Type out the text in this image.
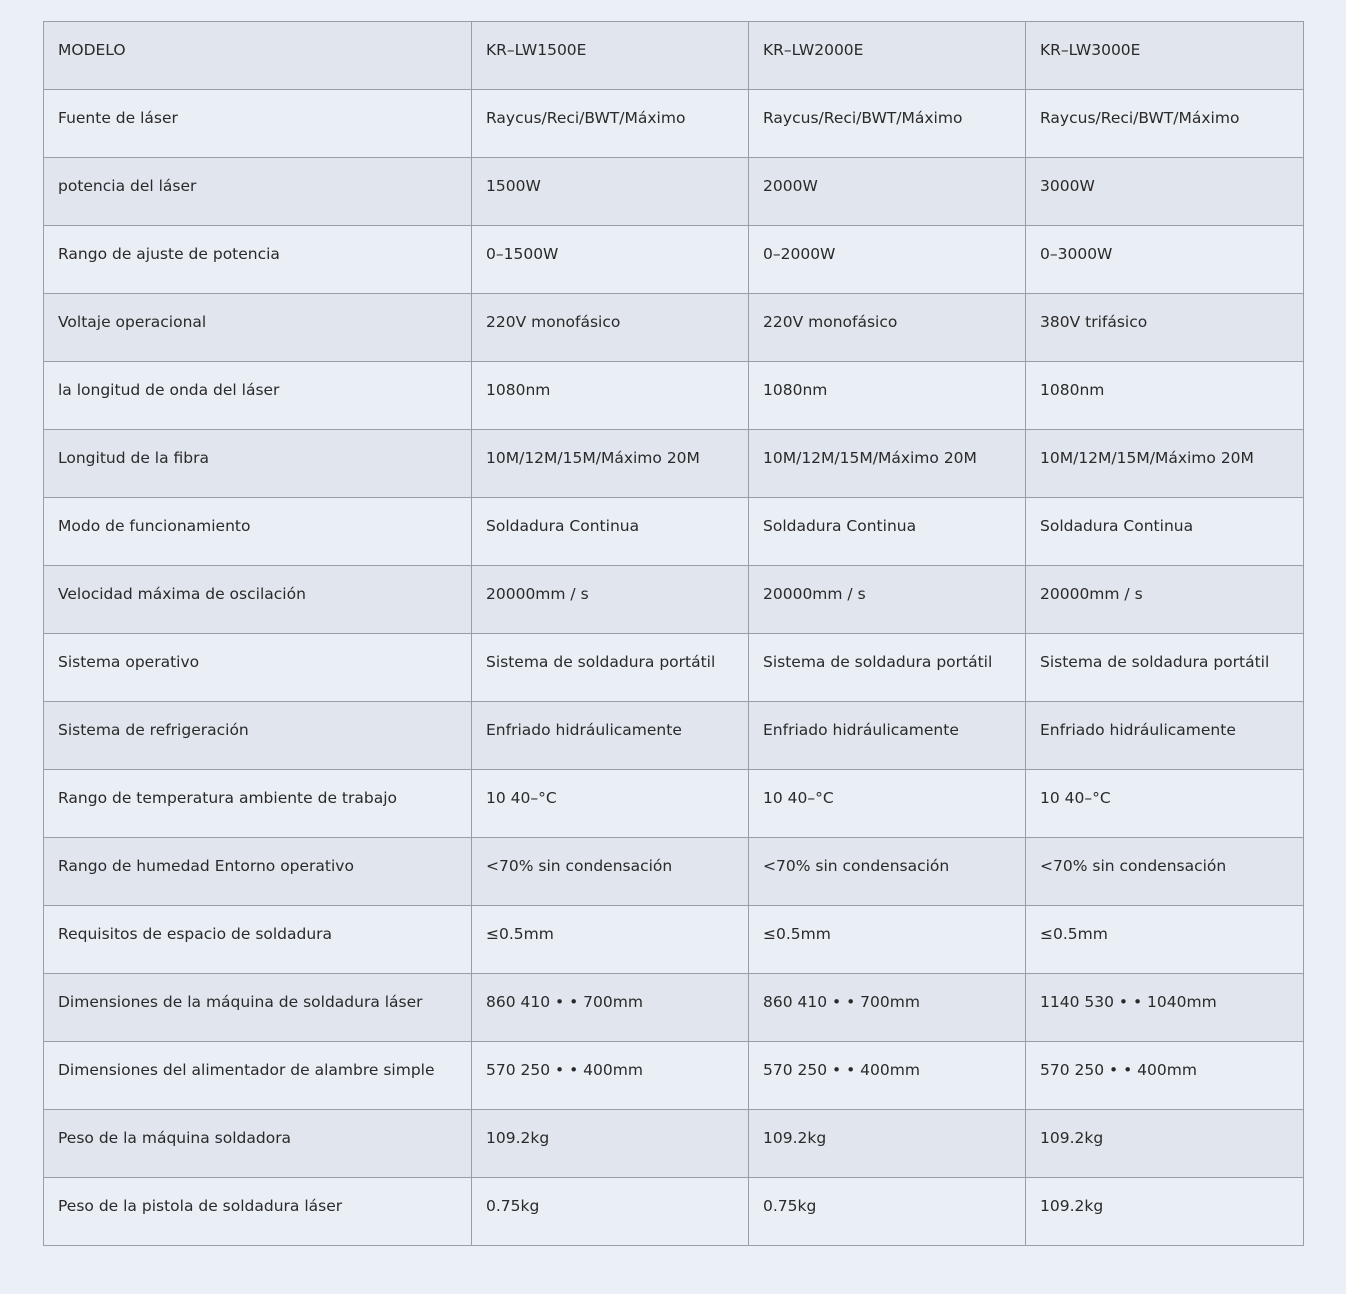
MODELO	KR–LW1500E	KR–LW2000E	KR–LW3000E
Fuente de láser	Raycus/Reci/BWT/Máximo	Raycus/Reci/BWT/Máximo	Raycus/Reci/BWT/Máximo
potencia del láser	1500W	2000W	3000W
Rango de ajuste de potencia	0–1500W	0–2000W	0–3000W
Voltaje operacional	220V monofásico	220V monofásico	380V trifásico
la longitud de onda del láser	1080nm	1080nm	1080nm
Longitud de la fibra	10M/12M/15M/Máximo 20M	10M/12M/15M/Máximo 20M	10M/12M/15M/Máximo 20M
Modo de funcionamiento	Soldadura Continua	Soldadura Continua	Soldadura Continua
Velocidad máxima de oscilación	20000mm / s	20000mm / s	20000mm / s
Sistema operativo	Sistema de soldadura portátil	Sistema de soldadura portátil	Sistema de soldadura portátil
Sistema de refrigeración	Enfriado hidráulicamente	Enfriado hidráulicamente	Enfriado hidráulicamente
Rango de temperatura ambiente de trabajo	10 40–°C	10 40–°C	10 40–°C
Rango de humedad Entorno operativo	<70% sin condensación	<70% sin condensación	<70% sin condensación
Requisitos de espacio de soldadura	≤0.5mm	≤0.5mm	≤0.5mm
Dimensiones de la máquina de soldadura láser	860 410 • • 700mm	860 410 • • 700mm	1140 530 • • 1040mm
Dimensiones del alimentador de alambre simple	570 250 • • 400mm	570 250 • • 400mm	570 250 • • 400mm
Peso de la máquina soldadora	109.2kg	109.2kg	109.2kg
Peso de la pistola de soldadura láser	0.75kg	0.75kg	109.2kg
